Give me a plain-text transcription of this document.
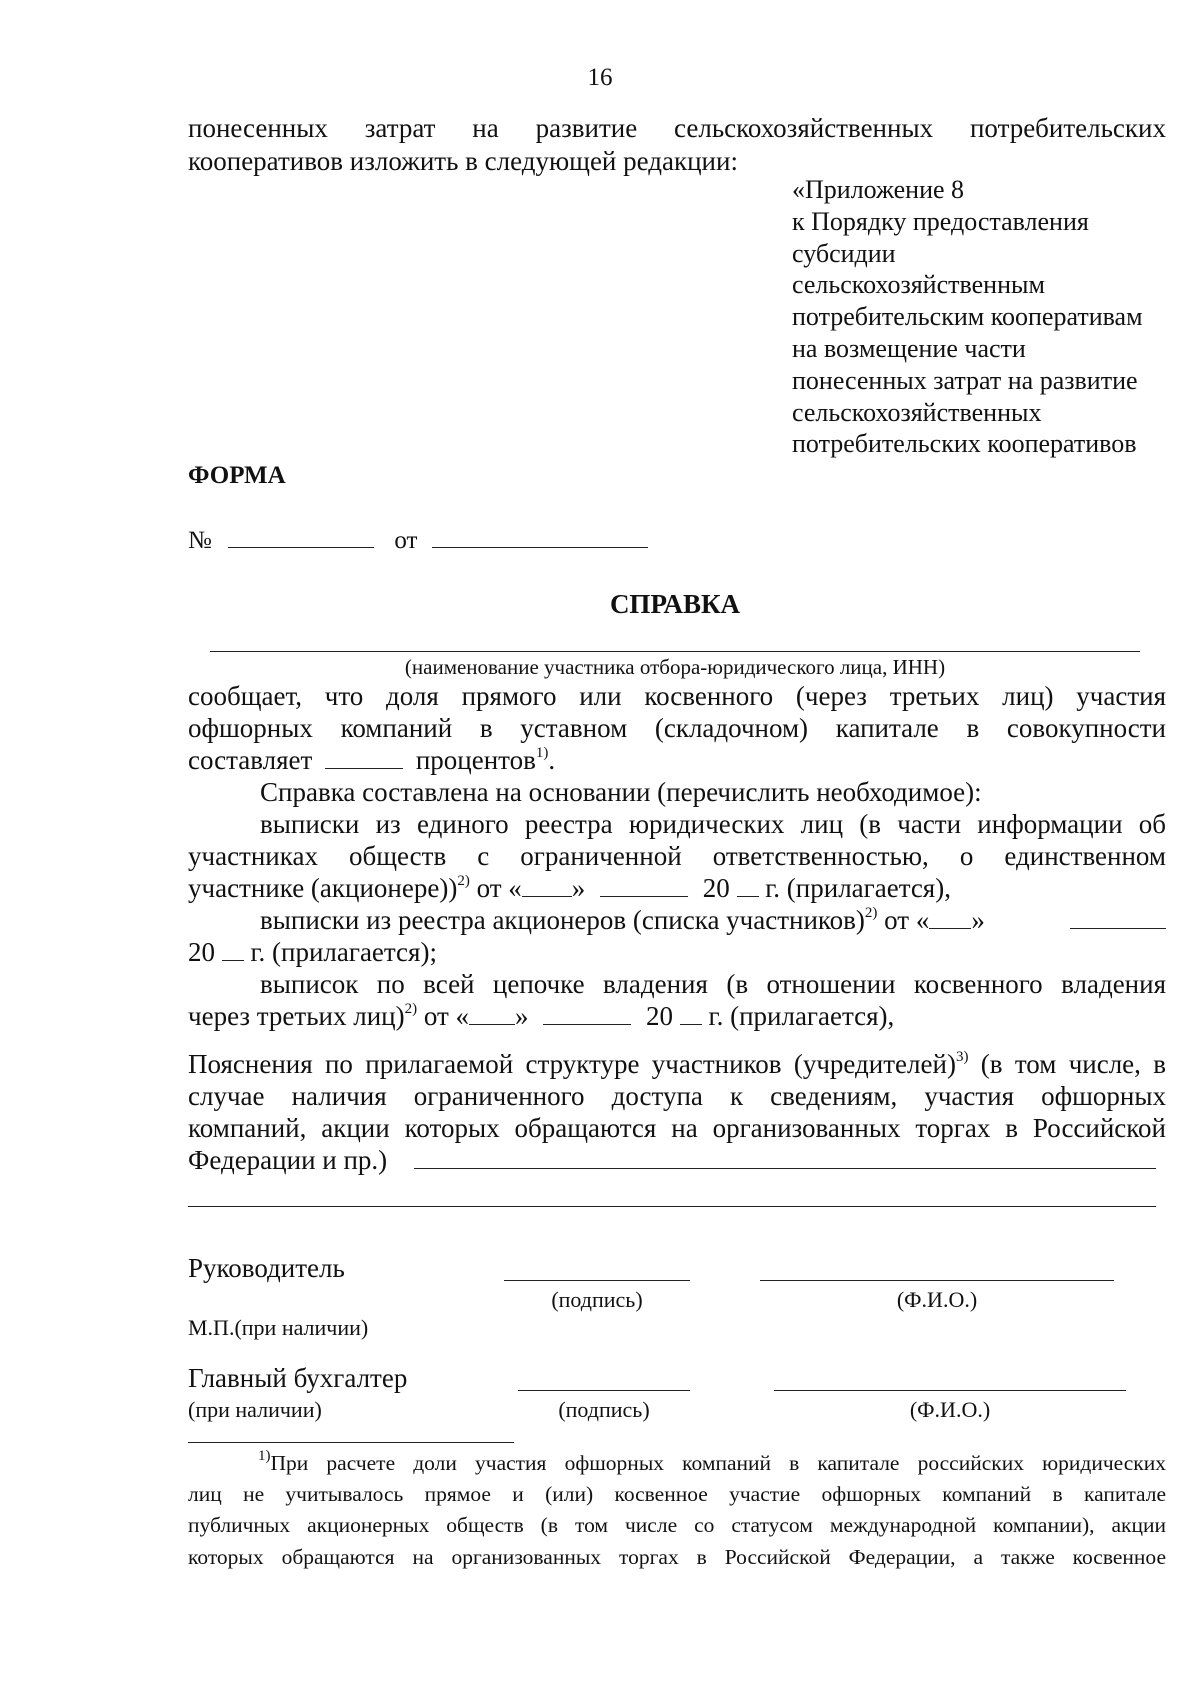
16
понесенных затрат на развитие сельскохозяйственных потребительских
кооперативов изложить в следующей редакции:
«Приложение 8
к Порядку предоставления
субсидии
сельскохозяйственным
потребительским кооперативам
на возмещение части
понесенных затрат на развитие
сельскохозяйственных
потребительских кооперативов
ФОРМА
№	от
СПРАВКА
(наименование участника отбора-юридического лица, ИНН)
сообщает, что доля прямого или косвенного (через третьих лиц) участия
офшорных компаний в уставном (складочном) капитале в совокупности
составляет	процентов$^{1)}$.
Справка составлена на основании (перечислить необходимое):
выписки из единого реестра юридических лиц (в части информации об
участниках обществ с ограниченной ответственностью, о единственном
участнике (акционере))$^{2)}$ от « »	20 г. (прилагается),
выписки из реестра акционеров (списка участников)$^{2)}$ от « »
20 г. (прилагается);
выписок по всей цепочке владения (в отношении косвенного владения
через третьих лиц)$^{2)}$ от « »	20 г. (прилагается),
Пояснения по прилагаемой структуре участников (учредителей)$^{3)}$ (в том числе, в
случае наличия ограниченного доступа к сведениям, участия офшорных
компаний, акции которых обращаются на организованных торгах в Российской
Федерации и пр.)
Руководитель
(подпись)	(Ф.И.О.)
М.П.(при наличии)
Главный бухгалтер
(при наличии)	(подпись)	(Ф.И.О.)
$^{1)}$При расчете доли участия офшорных компаний в капитале российских юридических
лиц не учитывалось прямое и (или) косвенное участие офшорных компаний в капитале
публичных акционерных обществ (в том числе со статусом международной компании), акции
которых обращаются на организованных торгах в Российской Федерации, а также косвенное
